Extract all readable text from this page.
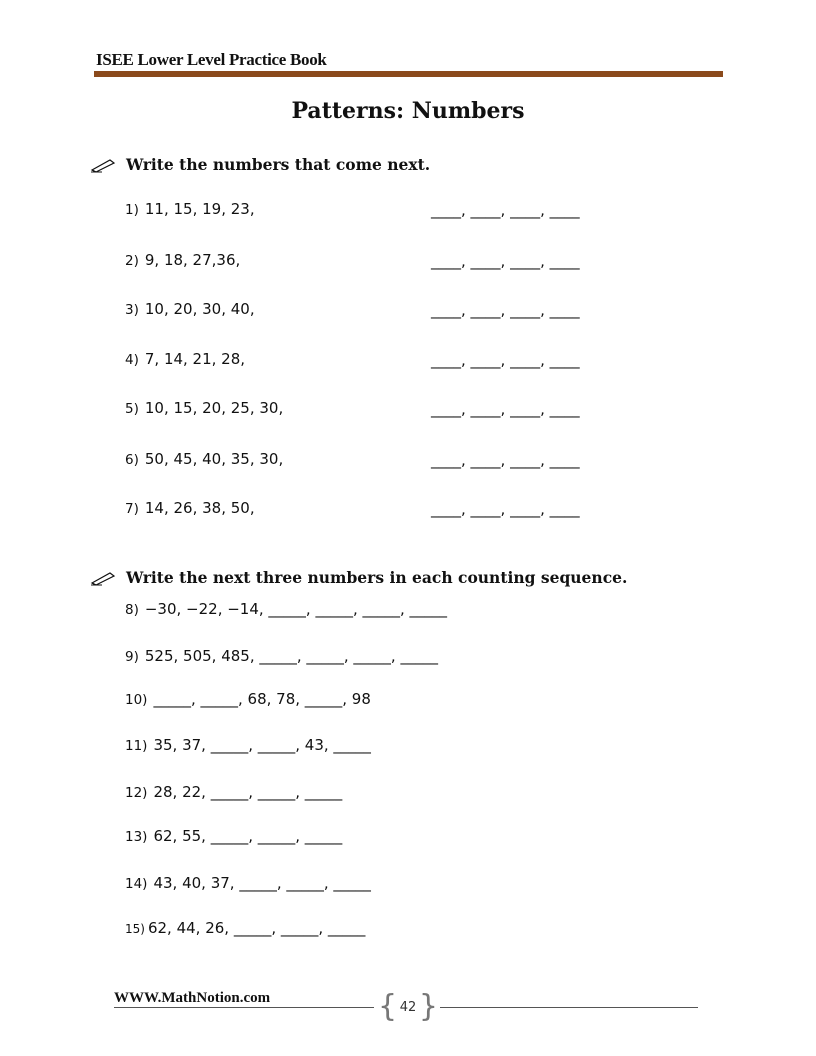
ISEE Lower Level Practice Book
Patterns: Numbers
Write the numbers that come next.
1) 11, 15, 19, 23,	____, ____, ____, ____
2) 9, 18, 27,36,	____, ____, ____, ____
3) 10, 20, 30, 40,	____, ____, ____, ____
4) 7, 14, 21, 28,	____, ____, ____, ____
5) 10, 15, 20, 25, 30,	____, ____, ____, ____
6) 50, 45, 40, 35, 30,	____, ____, ____, ____
7) 14, 26, 38, 50,	____, ____, ____, ____
Write the next three numbers in each counting sequence.
8) −30, −22, −14, _____, _____, _____, _____
9) 525, 505, 485, _____, _____, _____, _____
10) _____, _____, 68, 78, _____, 98
11) 35, 37, _____, _____, 43, _____
12) 28, 22, _____, _____, _____
13) 62, 55, _____, _____, _____
14) 43, 40, 37, _____, _____, _____
15) 62, 44, 26, _____, _____, _____
WWW.MathNotion.com	{ }
42
